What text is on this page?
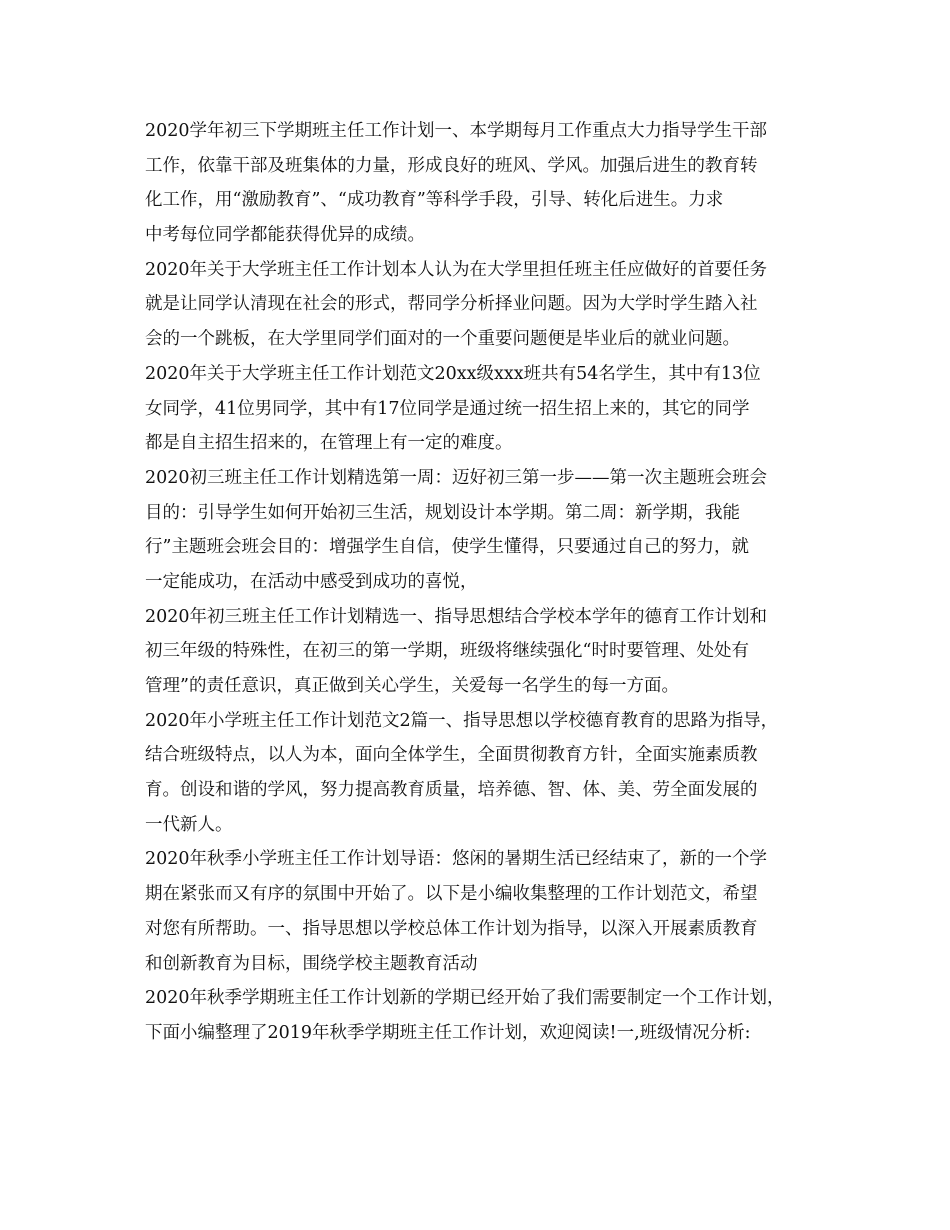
2020学年初三下学期班主任工作计划一、本学期每月工作重点大力指导学生干部
工作，依靠干部及班集体的力量，形成良好的班风、学风。加强后进生的教育转
化工作，用“激励教育”、“成功教育”等科学手段，引导、转化后进生。力求
中考每位同学都能获得优异的成绩。
2020年关于大学班主任工作计划本人认为在大学里担任班主任应做好的首要任务
就是让同学认清现在社会的形式，帮同学分析择业问题。因为大学时学生踏入社
会的一个跳板，在大学里同学们面对的一个重要问题便是毕业后的就业问题。
2020年关于大学班主任工作计划范文20xx级xxx班共有54名学生，其中有13位
女同学，41位男同学，其中有17位同学是通过统一招生招上来的，其它的同学
都是自主招生招来的，在管理上有一定的难度。
2020初三班主任工作计划精选第一周：迈好初三第一步——第一次主题班会班会
目的：引导学生如何开始初三生活，规划设计本学期。第二周：新学期，我能
行”主题班会班会目的：增强学生自信，使学生懂得，只要通过自己的努力，就
一定能成功，在活动中感受到成功的喜悦，
2020年初三班主任工作计划精选一、指导思想结合学校本学年的德育工作计划和
初三年级的特殊性，在初三的第一学期，班级将继续强化“时时要管理、处处有
管理”的责任意识，真正做到关心学生，关爱每一名学生的每一方面。
2020年小学班主任工作计划范文2篇一、指导思想以学校德育教育的思路为指导，
结合班级特点，以人为本，面向全体学生，全面贯彻教育方针，全面实施素质教
育。创设和谐的学风，努力提高教育质量，培养德、智、体、美、劳全面发展的
一代新人。
2020年秋季小学班主任工作计划导语：悠闲的暑期生活已经结束了，新的一个学
期在紧张而又有序的氛围中开始了。以下是小编收集整理的工作计划范文，希望
对您有所帮助。一、指导思想以学校总体工作计划为指导，以深入开展素质教育
和创新教育为目标，围绕学校主题教育活动
2020年秋季学期班主任工作计划新的学期已经开始了我们需要制定一个工作计划，
下面小编整理了2019年秋季学期班主任工作计划，欢迎阅读!一,班级情况分析:
